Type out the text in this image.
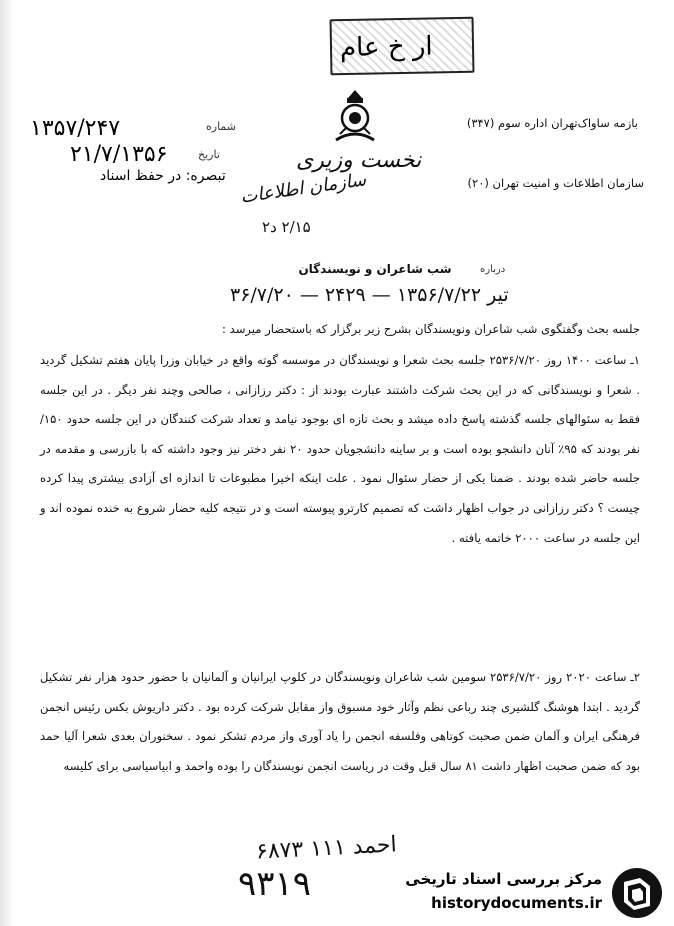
ار خ عام
۱۳۵۷/۲۴۷	شماره
۲۱/۷/۱۳۵۶	تاریخ
تبصره: در حفظ اسناد
بازمه ساواک‌تهران اداره سوم (۳۴۷)
نخست وزیری
سازمان اطلاعات و امنیت تهران (۲۰)
سازمان اطلاعات
۲/۱۵ د۲
شب شاعران و نویسندگان	درباره
تیر ۱۳۵۶/۷/۲۲ — ۲۴۲۹ — ۳۶/۷/۲۰
جلسه بحث وگفتگوی شب شاعران ونویسندگان بشرح زیر برگزار که باستحضار میرسد :
۱ـ ساعت ۱۴۰۰ روز ۲۵۳۶/۷/۲۰ جلسه بحث شعرا و نویسندگان در موسسه گوته واقع در خیابان وزرا پایان هفتم تشکیل گردید . شعرا و نویسندگانی که در این بحث شرکت داشتند عبارت بودند از : دکتر رزازانی ، صالحی وچند نفر دیگر . در این جلسه فقط به سئوالهای جلسه گذشته پاسخ داده میشد و بحث تازه ای بوجود نیامد و تعداد شرکت کنندگان در این جلسه حدود ۱۵۰/ نفر بودند که ۹۵٪ آنان دانشجو بوده است و بر ساینه دانشجویان حدود ۲۰ نفر دختر نیز وجود داشته که با بازرسی و مقدمه در جلسه حاضر شده بودند . ضمنا یکی از حضار سئوال نمود . علت اینکه اخیرا مطبوعات تا اندازه ای آزادی بیشتری پیدا کرده چیست ؟ دکتر رزازانی در جواب اظهار داشت که تصمیم کارترو پیوسته است و در نتیجه کلیه حضار شروع به خنده نموده اند و این جلسه در ساعت ۲۰۰۰ خاتمه یافته .
۲ـ ساعت ۲۰۲۰ روز ۲۵۳۶/۷/۲۰ سومین شب شاعران ونویسندگان در کلوپ ایرانیان و آلمانیان با حضور حدود هزار نفر تشکیل گردید . ابتدا هوشنگ گلشیری چند رباعی نظم وآثار خود مسبوق واز مقابل شرکت کرده بود . دکتر داریوش بکس رئیس انجمن فرهنگی ایران و آلمان ضمن صحبت کوتاهی وفلسفه انجمن را یاد آوری واز مردم تشکر نمود . سخنوران بعدی شعرا آلیا حمد بود که ضمن صحبت اظهار داشت ۸۱ سال قبل وقت در ریاست انجمن نویسندگان را بوده واحمد و ابیاسیاسی برای کلیسه
احمد ۱۱۱ ۶۸۷۳
۹۳۱۹	مرکز بررسی اسناد تاریخی
historydocuments.ir
